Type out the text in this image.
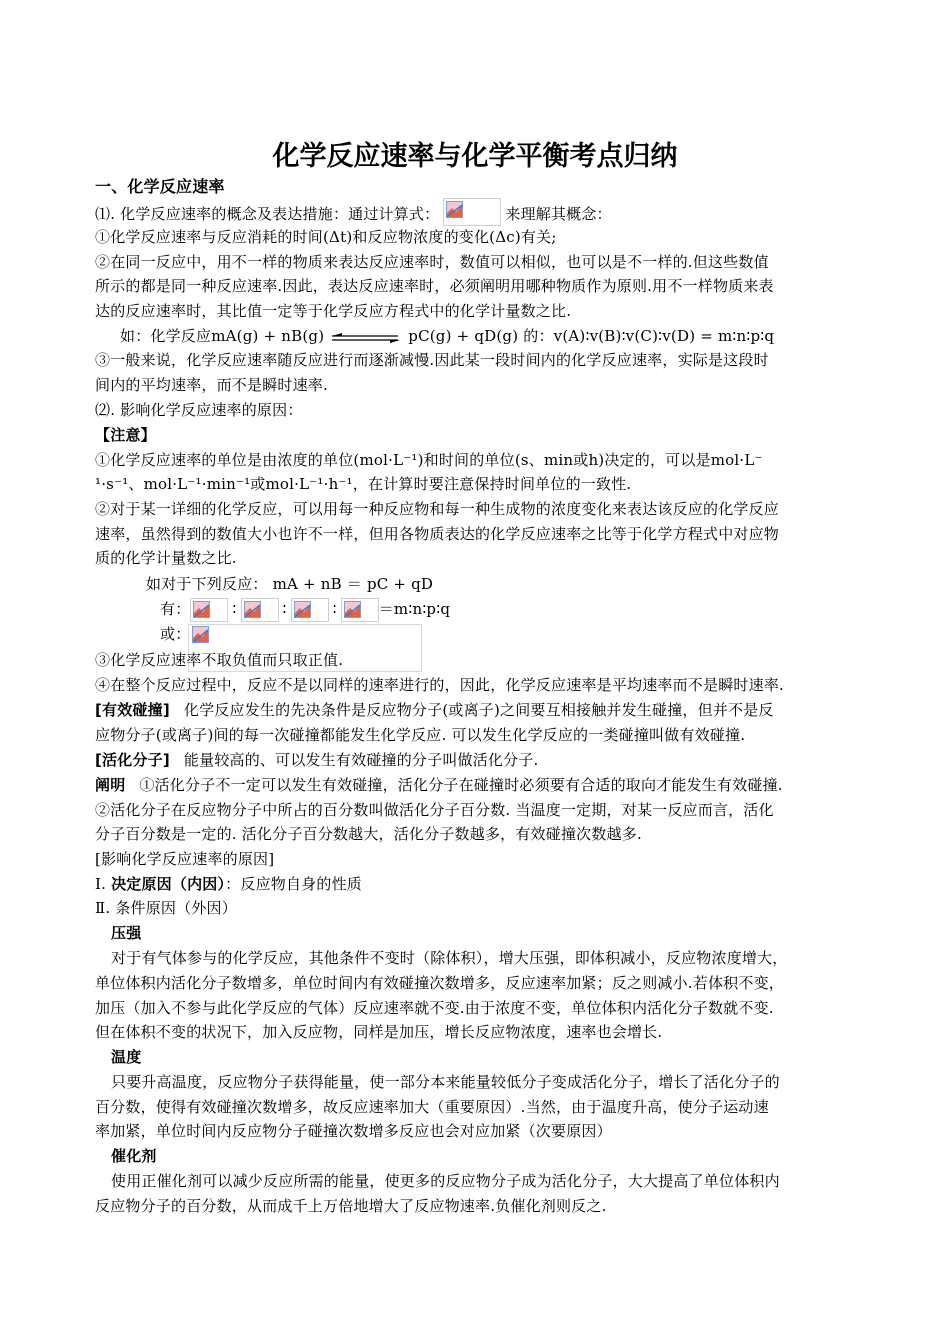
化学反应速率与化学平衡考点归纳
一、化学反应速率
⑴. 化学反应速率的概念及表达措施：通过计算式：	来理解其概念：
①化学反应速率与反应消耗的时间(Δt)和反应物浓度的变化(Δc)有关;
②在同一反应中，用不一样的物质来表达反应速率时，数值可以相似，也可以是不一样的.但这些数值
所示的都是同一种反应速率.因此，表达反应速率时，必须阐明用哪种物质作为原则.用不一样物质来表
达的反应速率时，其比值一定等于化学反应方程式中的化学计量数之比.
如：化学反应mA(g) + nB(g)	pC(g) + qD(g) 的：v(A)∶v(B)∶v(C)∶v(D) = m∶n∶p∶q
③一般来说，化学反应速率随反应进行而逐渐减慢.因此某一段时间内的化学反应速率，实际是这段时
间内的平均速率，而不是瞬时速率.
⑵. 影响化学反应速率的原因：
【注意】
①化学反应速率的单位是由浓度的单位(mol·L⁻¹)和时间的单位(s、min或h)决定的，可以是mol·L⁻
¹·s⁻¹、mol·L⁻¹·min⁻¹或mol·L⁻¹·h⁻¹，在计算时要注意保持时间单位的一致性.
②对于某一详细的化学反应，可以用每一种反应物和每一种生成物的浓度变化来表达该反应的化学反应
速率，虽然得到的数值大小也许不一样，但用各物质表达的化学反应速率之比等于化学方程式中对应物
质的化学计量数之比.
如对于下列反应： mA + nB ＝ pC + qD
有：	∶	∶	∶	＝m∶n∶p∶q
或：
③化学反应速率不取负值而只取正值.
④在整个反应过程中，反应不是以同样的速率进行的，因此，化学反应速率是平均速率而不是瞬时速率.
[有效碰撞] 化学反应发生的先决条件是反应物分子(或离子)之间要互相接触并发生碰撞，但并不是反
应物分子(或离子)间的每一次碰撞都能发生化学反应. 可以发生化学反应的一类碰撞叫做有效碰撞.
[活化分子] 能量较高的、可以发生有效碰撞的分子叫做活化分子.
阐明 ①活化分子不一定可以发生有效碰撞，活化分子在碰撞时必须要有合适的取向才能发生有效碰撞.
②活化分子在反应物分子中所占的百分数叫做活化分子百分数. 当温度一定期，对某一反应而言，活化
分子百分数是一定的. 活化分子百分数越大，活化分子数越多，有效碰撞次数越多.
[影响化学反应速率的原因]
I. 决定原因（内因）：反应物自身的性质
Ⅱ. 条件原因（外因）
压强
对于有气体参与的化学反应，其他条件不变时（除体积），增大压强，即体积减小，反应物浓度增大，
单位体积内活化分子数增多，单位时间内有效碰撞次数增多，反应速率加紧；反之则减小.若体积不变，
加压（加入不参与此化学反应的气体）反应速率就不变.由于浓度不变，单位体积内活化分子数就不变.
但在体积不变的状况下，加入反应物，同样是加压，增长反应物浓度，速率也会增长.
温度
只要升高温度，反应物分子获得能量，使一部分本来能量较低分子变成活化分子，增长了活化分子的
百分数，使得有效碰撞次数增多，故反应速率加大（重要原因）.当然，由于温度升高，使分子运动速
率加紧，单位时间内反应物分子碰撞次数增多反应也会对应加紧（次要原因）
催化剂
使用正催化剂可以减少反应所需的能量，使更多的反应物分子成为活化分子，大大提高了单位体积内
反应物分子的百分数，从而成千上万倍地增大了反应物速率.负催化剂则反之.
